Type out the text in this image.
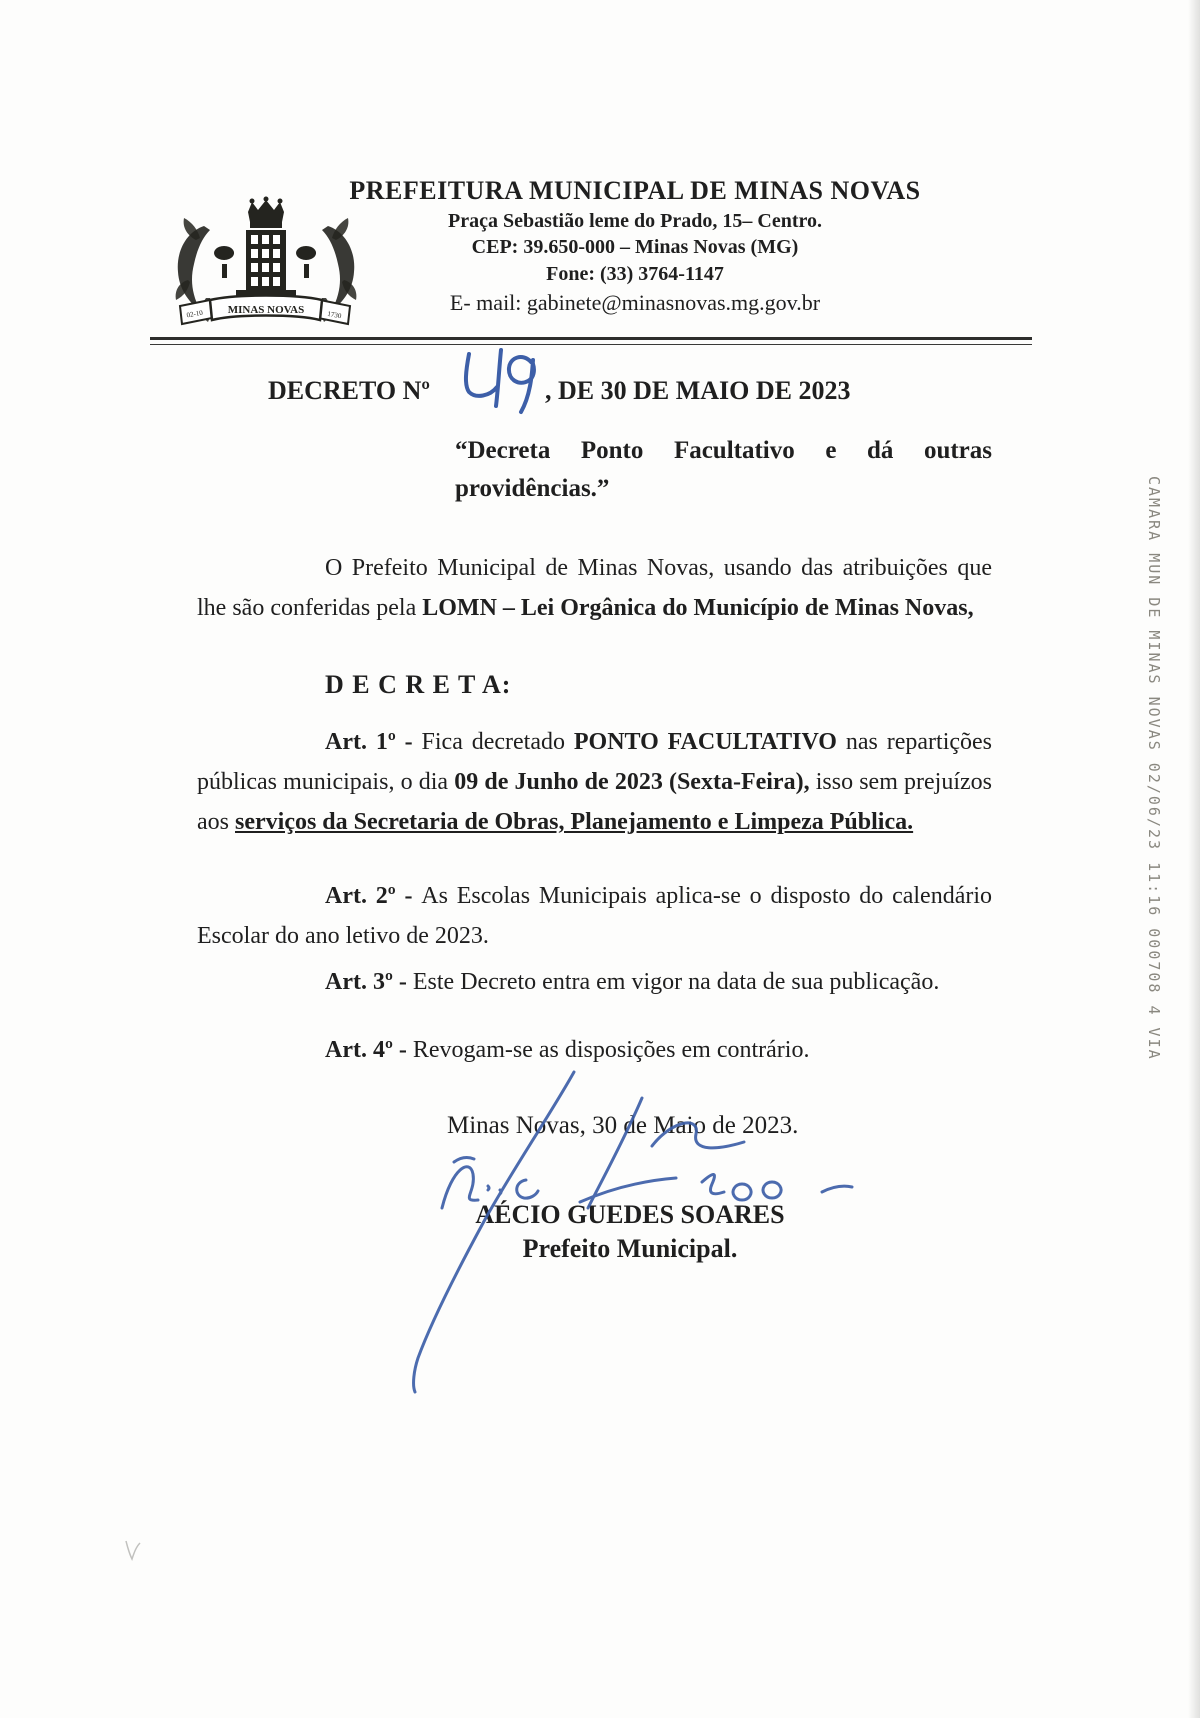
MINAS NOVAS
02-10	1730
PREFEITURA MUNICIPAL DE MINAS NOVAS
Praça Sebastião leme do Prado, 15– Centro.
CEP: 39.650-000 – Minas Novas (MG)
Fone: (33) 3764-1147
E- mail: gabinete@minasnovas.mg.gov.br
DECRETO Nº	, DE 30 DE MAIO DE 2023
“Decreta Ponto Facultativo e dá outras providências.”

O Prefeito Municipal de Minas Novas, usando das atribuições que lhe são conferidas pela LOMN – Lei Orgânica do Município de Minas Novas,

D E C R E T A:

Art. 1º - Fica decretado PONTO FACULTATIVO nas repartições públicas municipais, o dia 09 de Junho de 2023 (Sexta-Feira), isso sem prejuízos aos serviços da Secretaria de Obras, Planejamento e Limpeza Pública.

Art. 2º - As Escolas Municipais aplica-se o disposto do calendário Escolar do ano letivo de 2023.

Art. 3º - Este Decreto entra em vigor na data de sua publicação.

Art. 4º - Revogam-se as disposições em contrário.

Minas Novas, 30 de Maio de 2023.
AÉCIO GUEDES SOARES
Prefeito Municipal.
CAMARA MUN DE MINAS NOVAS 02/06/23 11:16 000708 4 VIA
